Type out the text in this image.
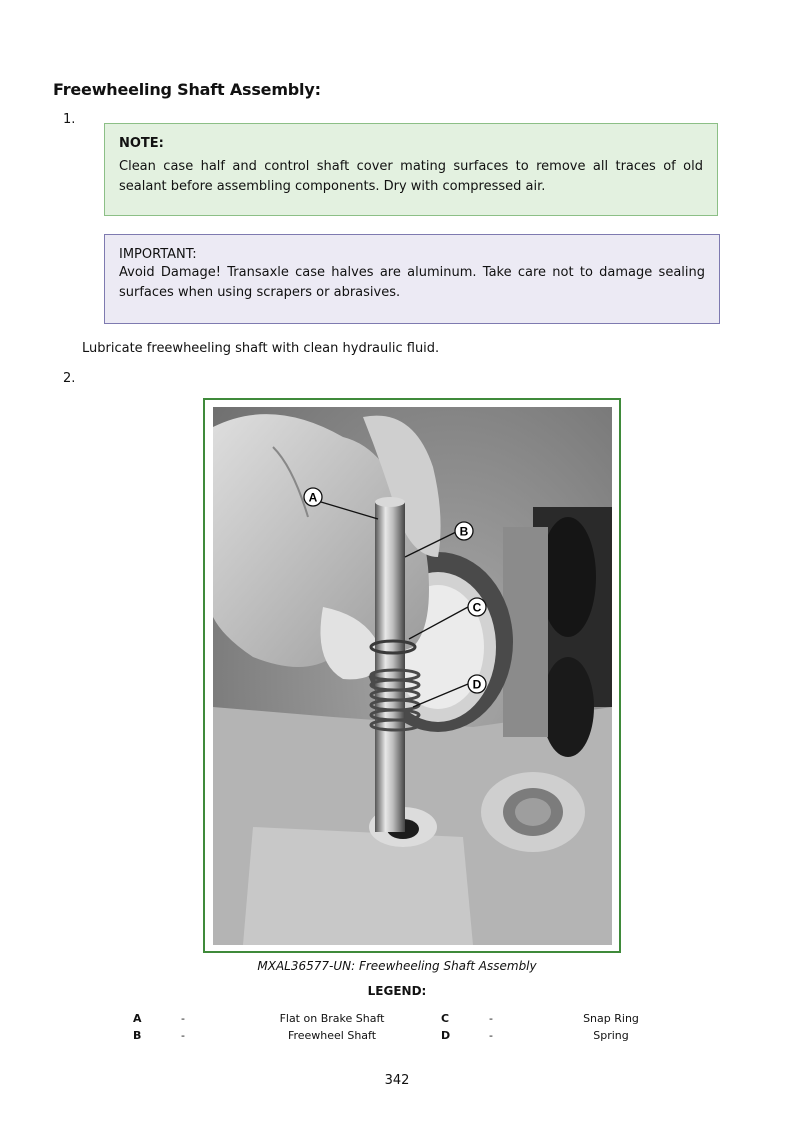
Freewheeling Shaft Assembly:
1.
NOTE:
Clean case half and control shaft cover mating surfaces to remove all traces of old sealant before assembling components. Dry with compressed air.
IMPORTANT:
Avoid Damage! Transaxle case halves are aluminum. Take care not to damage sealing surfaces when using scrapers or abrasives.
Lubricate freewheeling shaft with clean hydraulic fluid.
2.
A
B
C
D
MXAL36577-UN: Freewheeling Shaft Assembly
LEGEND:
A	-	Flat on Brake Shaft	C	-	Snap Ring
B	-	Freewheel Shaft	D	-	Spring
342
